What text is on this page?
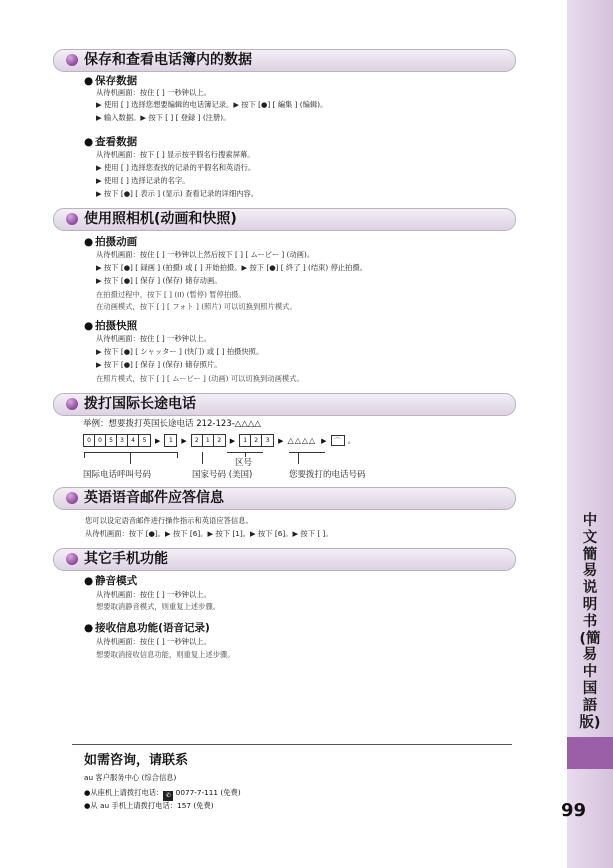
中文簡易说明书(簡易中国語版)
保存和查看电话簿内的数据
● 保存数据
从待机画面：按住 [ ] 一秒钟以上。
▶ 使用 [ ] 选择您想要编辑的电话簿记录。▶ 按下 [●] [ 編集 ] (编辑)。
▶ 输入数据。▶ 按下 [ ] [ 登録 ] (注册)。
● 查看数据
从待机画面：按下 [ ] 显示按平假名行搜索屏幕。
▶ 使用 [ ] 选择您查找的记录的平假名和英语行。
▶ 使用 [ ] 选择记录的名字。
▶ 按下 [●] [ 表示 ] (显示) 查看记录的详细内容。
使用照相机(动画和快照)
● 拍摄动画
从待机画面：按住 [ ] 一秒钟以上然后按下 [ ] [ ムービー ] (动画)。
▶ 按下 [●] [ 録画 ] (拍摄) 或 [ ] 开始拍摄。▶ 按下 [●] [ 終了 ] (结束) 停止拍摄。
▶ 按下 [●] [ 保存 ] (保存) 储存动画。
在拍摄过程中，按下 [ ] (II) (暂停) 暂停拍摄。
在动画模式，按下 [ ] [ フォト ] (照片) 可以切换到照片模式。
● 拍摄快照
从待机画面：按住 [ ] 一秒钟以上。
▶ 按下 [●] [ シャッター ] (快门) 或 [ ] 拍摄快照。
▶ 按下 [●] [ 保存 ] (保存) 储存照片。
在照片模式，按下 [ ] [ ムービー ] (动画) 可以切换到动画模式。
拨打国际长途电话
举例：想要拨打英国长途电话 212-123-△△△△
0 0 5 3 4 5 ▶ 1 ▶ 2 1 2 ▶ 1 2 3 ▶ △△△△ ▶ ⌒ 。
区号
国际电话呼叫号码	国家号码 (美国)	您要拨打的电话号码
英语语音邮件应答信息
您可以设定语音邮件进行操作指示和英语应答信息。
从待机画面：按下 [●]。▶ 按下 [6]。▶ 按下 [1]。▶ 按下 [6]。▶ 按下 [ ]。
其它手机功能
● 静音模式
从待机画面：按住 [ ] 一秒钟以上。
想要取消静音模式，则重复上述步骤。
● 接收信息功能(语音记录)
从待机画面：按住 [ ] 一秒钟以上。
想要取消接收信息功能，则重复上述步骤。
如需咨询，请联系
au 客户服务中心 (综合信息)
●从座机上请拨打电话： ✆ 0077-7-111 (免费)
●从 au 手机上请拨打电话：157 (免费)	99
